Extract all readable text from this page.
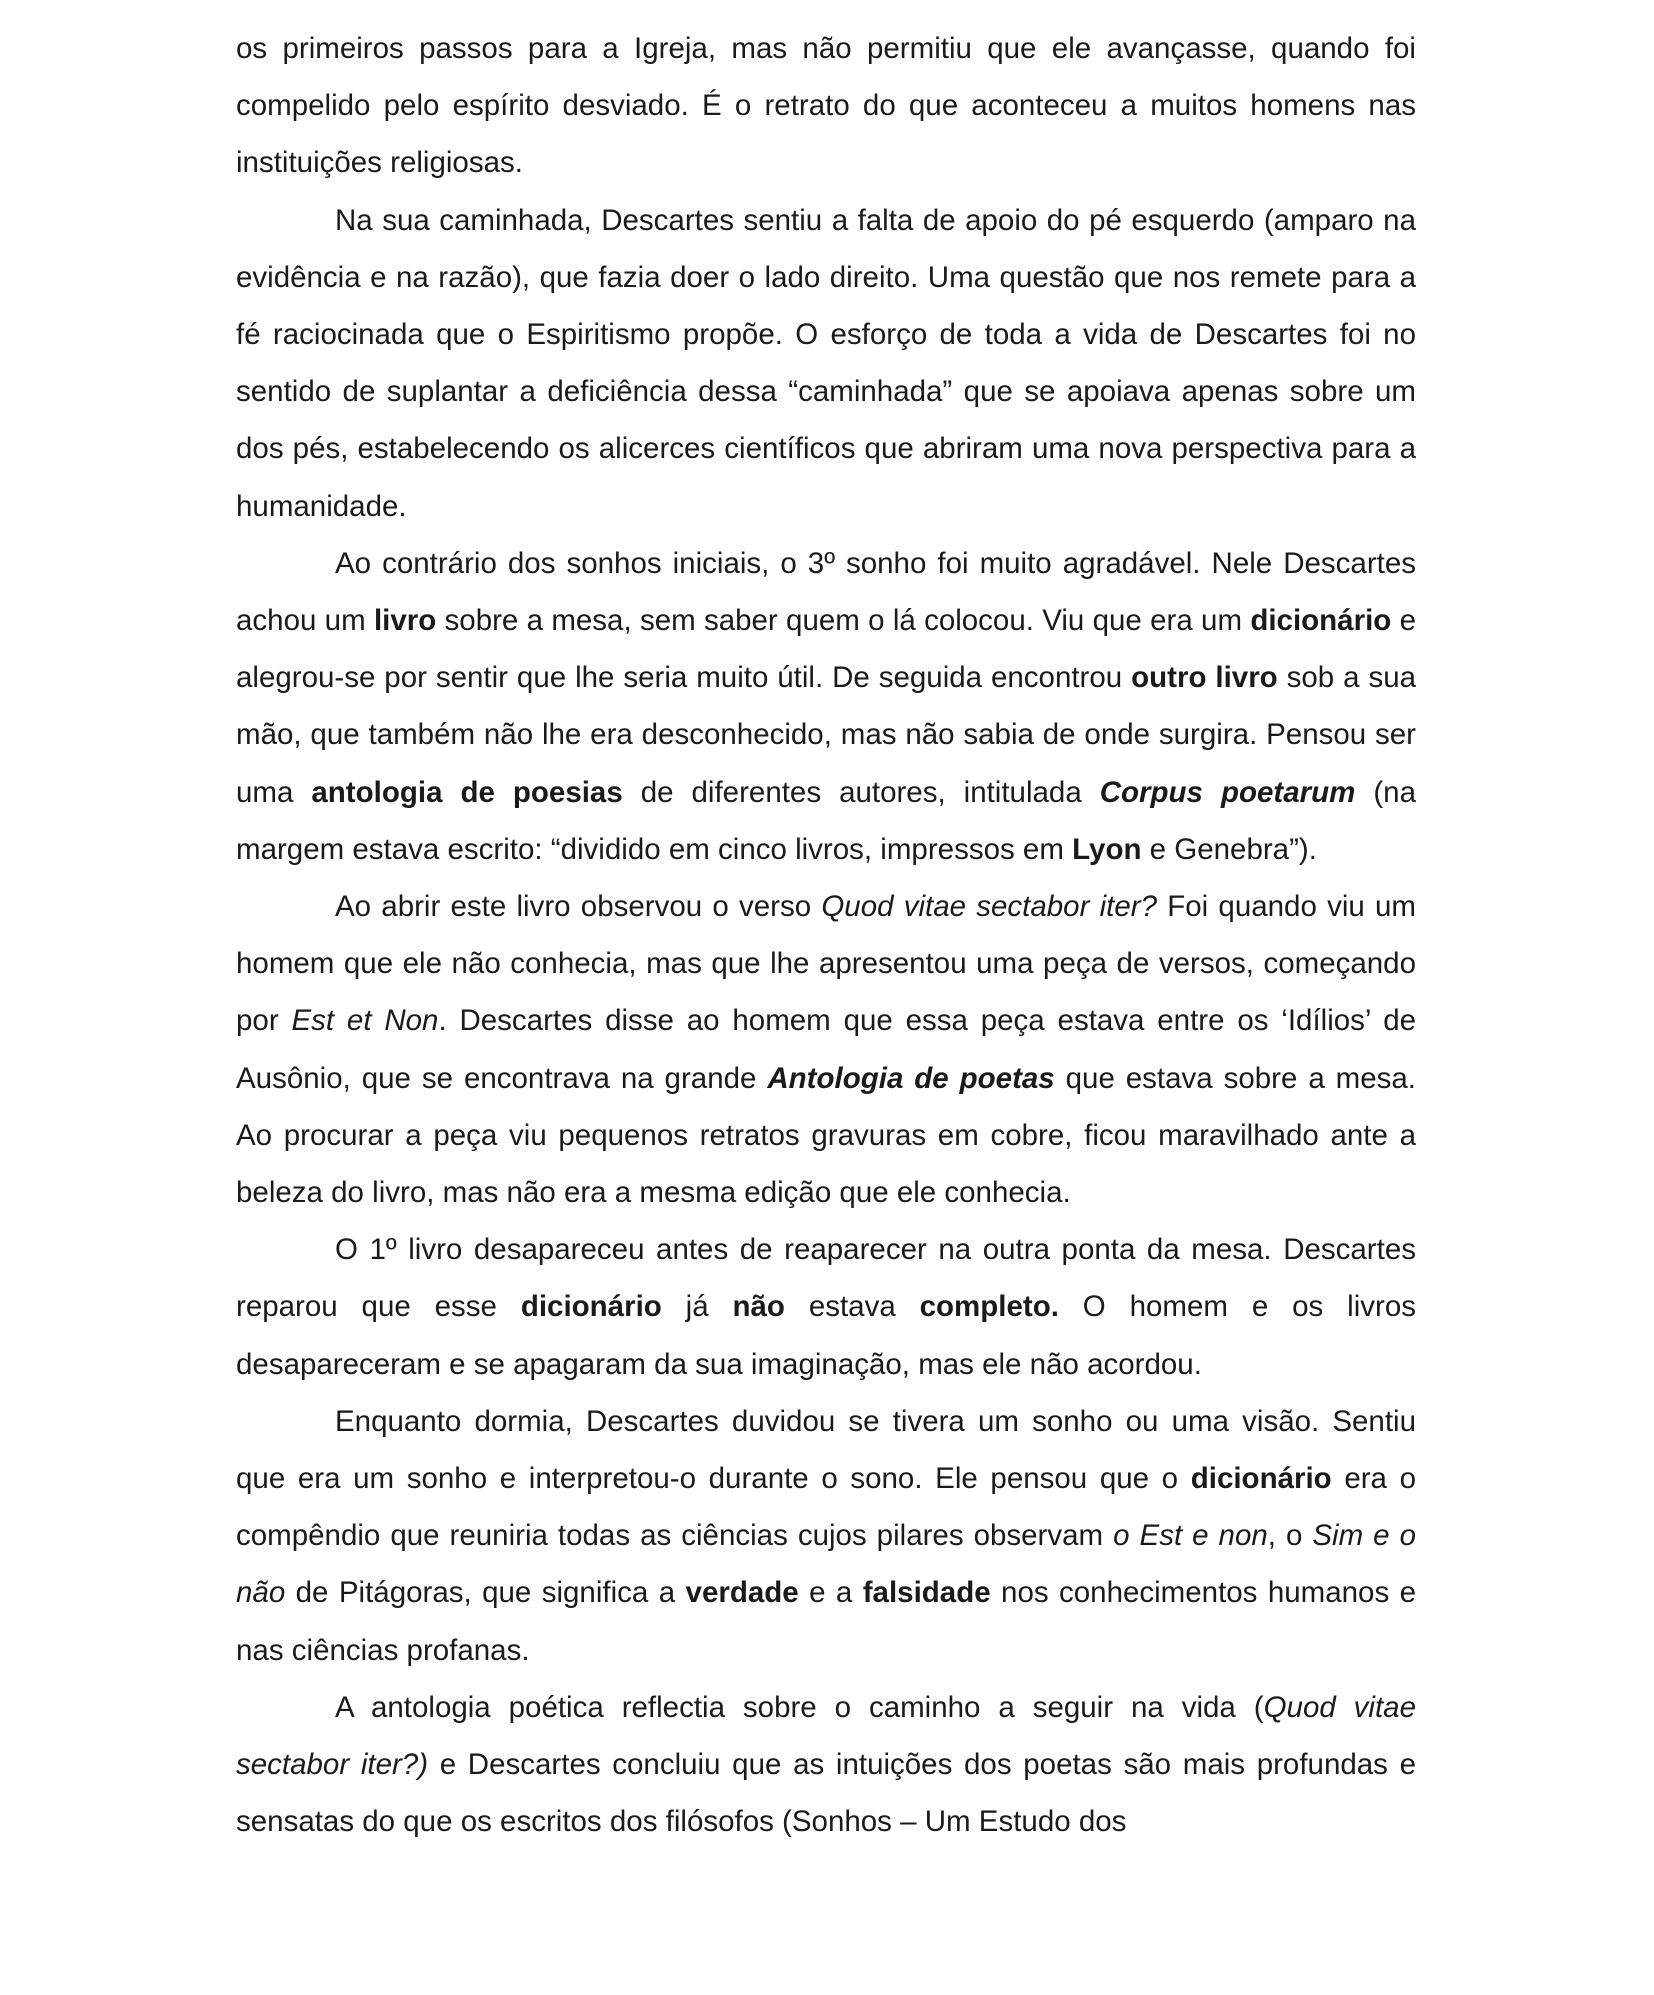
os primeiros passos para a Igreja, mas não permitiu que ele avançasse, quando foi compelido pelo espírito desviado. É o retrato do que aconteceu a muitos homens nas instituições religiosas.

Na sua caminhada, Descartes sentiu a falta de apoio do pé esquerdo (amparo na evidência e na razão), que fazia doer o lado direito. Uma questão que nos remete para a fé raciocinada que o Espiritismo propõe. O esforço de toda a vida de Descartes foi no sentido de suplantar a deficiência dessa “caminhada” que se apoiava apenas sobre um dos pés, estabelecendo os alicerces científicos que abriram uma nova perspectiva para a humanidade.

Ao contrário dos sonhos iniciais, o 3º sonho foi muito agradável. Nele Descartes achou um livro sobre a mesa, sem saber quem o lá colocou. Viu que era um dicionário e alegrou-se por sentir que lhe seria muito útil. De seguida encontrou outro livro sob a sua mão, que também não lhe era desconhecido, mas não sabia de onde surgira. Pensou ser uma antologia de poesias de diferentes autores, intitulada Corpus poetarum (na margem estava escrito: “dividido em cinco livros, impressos em Lyon e Genebra”).

Ao abrir este livro observou o verso Quod vitae sectabor iter? Foi quando viu um homem que ele não conhecia, mas que lhe apresentou uma peça de versos, começando por Est et Non. Descartes disse ao homem que essa peça estava entre os ‘Idílios’ de Ausônio, que se encontrava na grande Antologia de poetas que estava sobre a mesa. Ao procurar a peça viu pequenos retratos gravuras em cobre, ficou maravilhado ante a beleza do livro, mas não era a mesma edição que ele conhecia.

O 1º livro desapareceu antes de reaparecer na outra ponta da mesa. Descartes reparou que esse dicionário já não estava completo. O homem e os livros desapareceram e se apagaram da sua imaginação, mas ele não acordou.

Enquanto dormia, Descartes duvidou se tivera um sonho ou uma visão. Sentiu que era um sonho e interpretou-o durante o sono. Ele pensou que o dicionário era o compêndio que reuniria todas as ciências cujos pilares observam o Est e non, o Sim e o não de Pitágoras, que significa a verdade e a falsidade nos conhecimentos humanos e nas ciências profanas.

A antologia poética reflectia sobre o caminho a seguir na vida (Quod vitae sectabor iter?) e Descartes concluiu que as intuições dos poetas são mais profundas e sensatas do que os escritos dos filósofos (Sonhos – Um Estudo dos
